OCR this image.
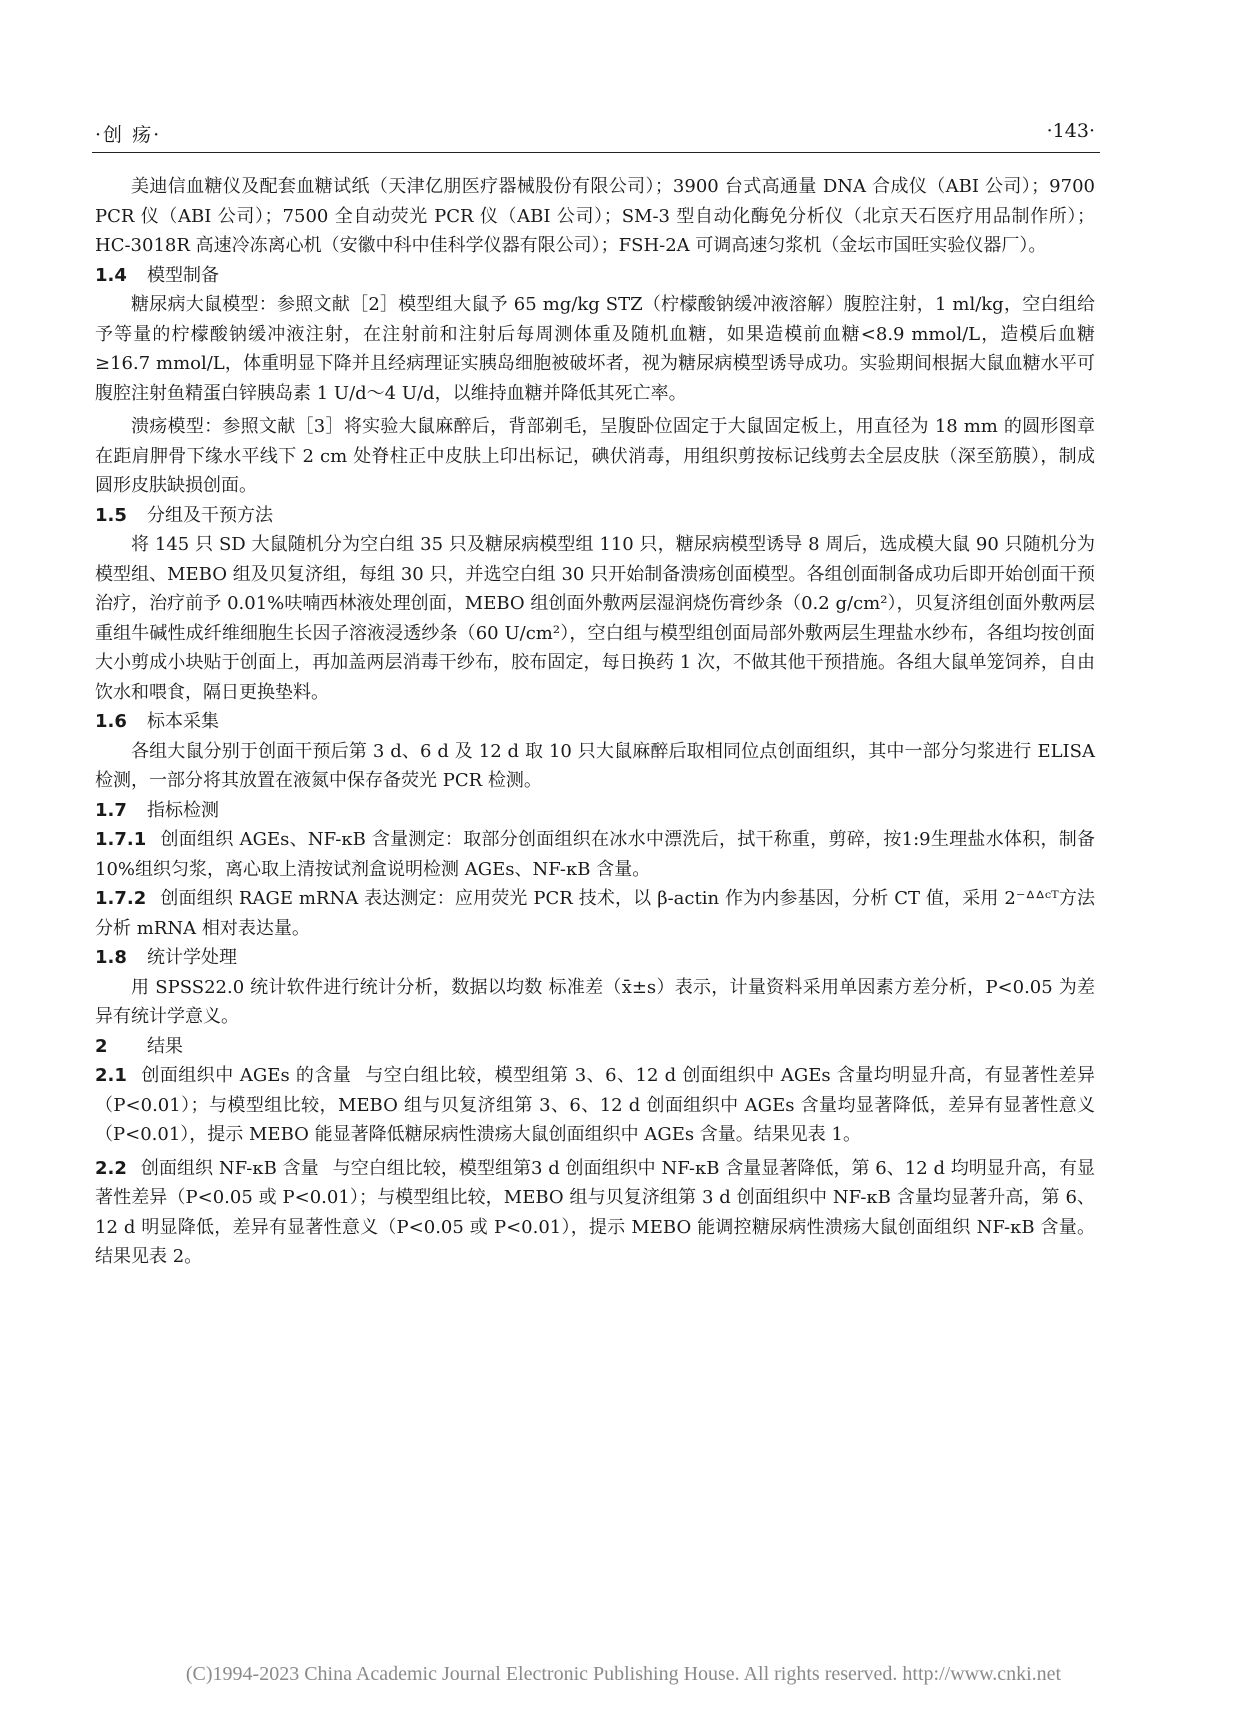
·创 疡·	·143·

美迪信血糖仪及配套血糖试纸（天津亿朋医疗器械股份有限公司）；3900 台式高通量 DNA 合成仪（ABI 公司）；9700 PCR 仪（ABI 公司）；7500 全自动荧光 PCR 仪（ABI 公司）；SM-3 型自动化酶免分析仪（北京天石医疗用品制作所）；HC-3018R 高速冷冻离心机（安徽中科中佳科学仪器有限公司）；FSH-2A 可调高速匀浆机（金坛市国旺实验仪器厂）。

1.4 模型制备

糖尿病大鼠模型：参照文献［2］模型组大鼠予 65 mg/kg STZ（柠檬酸钠缓冲液溶解）腹腔注射，1 ml/kg，空白组给予等量的柠檬酸钠缓冲液注射，在注射前和注射后每周测体重及随机血糖，如果造模前血糖<8.9 mmol/L，造模后血糖≥16.7 mmol/L，体重明显下降并且经病理证实胰岛细胞被破坏者，视为糖尿病模型诱导成功。实验期间根据大鼠血糖水平可腹腔注射鱼精蛋白锌胰岛素 1 U/d～4 U/d，以维持血糖并降低其死亡率。

溃疡模型：参照文献［3］将实验大鼠麻醉后，背部剃毛，呈腹卧位固定于大鼠固定板上，用直径为 18 mm 的圆形图章在距肩胛骨下缘水平线下 2 cm 处脊柱正中皮肤上印出标记，碘伏消毒，用组织剪按标记线剪去全层皮肤（深至筋膜），制成圆形皮肤缺损创面。

1.5 分组及干预方法

将 145 只 SD 大鼠随机分为空白组 35 只及糖尿病模型组 110 只，糖尿病模型诱导 8 周后，选成模大鼠 90 只随机分为模型组、MEBO 组及贝复济组，每组 30 只，并选空白组 30 只开始制备溃疡创面模型。各组创面制备成功后即开始创面干预治疗，治疗前予 0.01%呋喃西林液处理创面，MEBO 组创面外敷两层湿润烧伤膏纱条（0.2 g/cm²），贝复济组创面外敷两层重组牛碱性成纤维细胞生长因子溶液浸透纱条（60 U/cm²），空白组与模型组创面局部外敷两层生理盐水纱布，各组均按创面大小剪成小块贴于创面上，再加盖两层消毒干纱布，胶布固定，每日换药 1 次，不做其他干预措施。各组大鼠单笼饲养，自由饮水和喂食，隔日更换垫料。

1.6 标本采集

各组大鼠分别于创面干预后第 3 d、6 d 及 12 d 取 10 只大鼠麻醉后取相同位点创面组织，其中一部分匀浆进行 ELISA 检测，一部分将其放置在液氮中保存备荧光 PCR 检测。

1.7 指标检测

1.7.1 创面组织 AGEs、NF-κB 含量测定：取部分创面组织在冰水中漂洗后，拭干称重，剪碎，按1:9生理盐水体积，制备 10%组织匀浆，离心取上清按试剂盒说明检测 AGEs、NF-κB 含量。

1.7.2 创面组织 RAGE mRNA 表达测定：应用荧光 PCR 技术，以 β-actin 作为内参基因，分析 CT 值，采用 2⁻ᐞᐞᶜᵀ方法分析 mRNA 相对表达量。

1.8 统计学处理

用 SPSS22.0 统计软件进行统计分析，数据以均数 标准差（x̄±s）表示，计量资料采用单因素方差分析，P<0.05 为差异有统计学意义。

2 结果

2.1 创面组织中 AGEs 的含量 与空白组比较，模型组第 3、6、12 d 创面组织中 AGEs 含量均明显升高，有显著性差异（P<0.01）；与模型组比较，MEBO 组与贝复济组第 3、6、12 d 创面组织中 AGEs 含量均显著降低，差异有显著性意义（P<0.01），提示 MEBO 能显著降低糖尿病性溃疡大鼠创面组织中 AGEs 含量。结果见表 1。

2.2 创面组织 NF-κB 含量 与空白组比较，模型组第3 d 创面组织中 NF-κB 含量显著降低，第 6、12 d 均明显升高，有显著性差异（P<0.05 或 P<0.01）；与模型组比较，MEBO 组与贝复济组第 3 d 创面组织中 NF-κB 含量均显著升高，第 6、12 d 明显降低，差异有显著性意义（P<0.05 或 P<0.01），提示 MEBO 能调控糖尿病性溃疡大鼠创面组织 NF-κB 含量。结果见表 2。

(C)1994-2023 China Academic Journal Electronic Publishing House. All rights reserved. http://www.cnki.net
